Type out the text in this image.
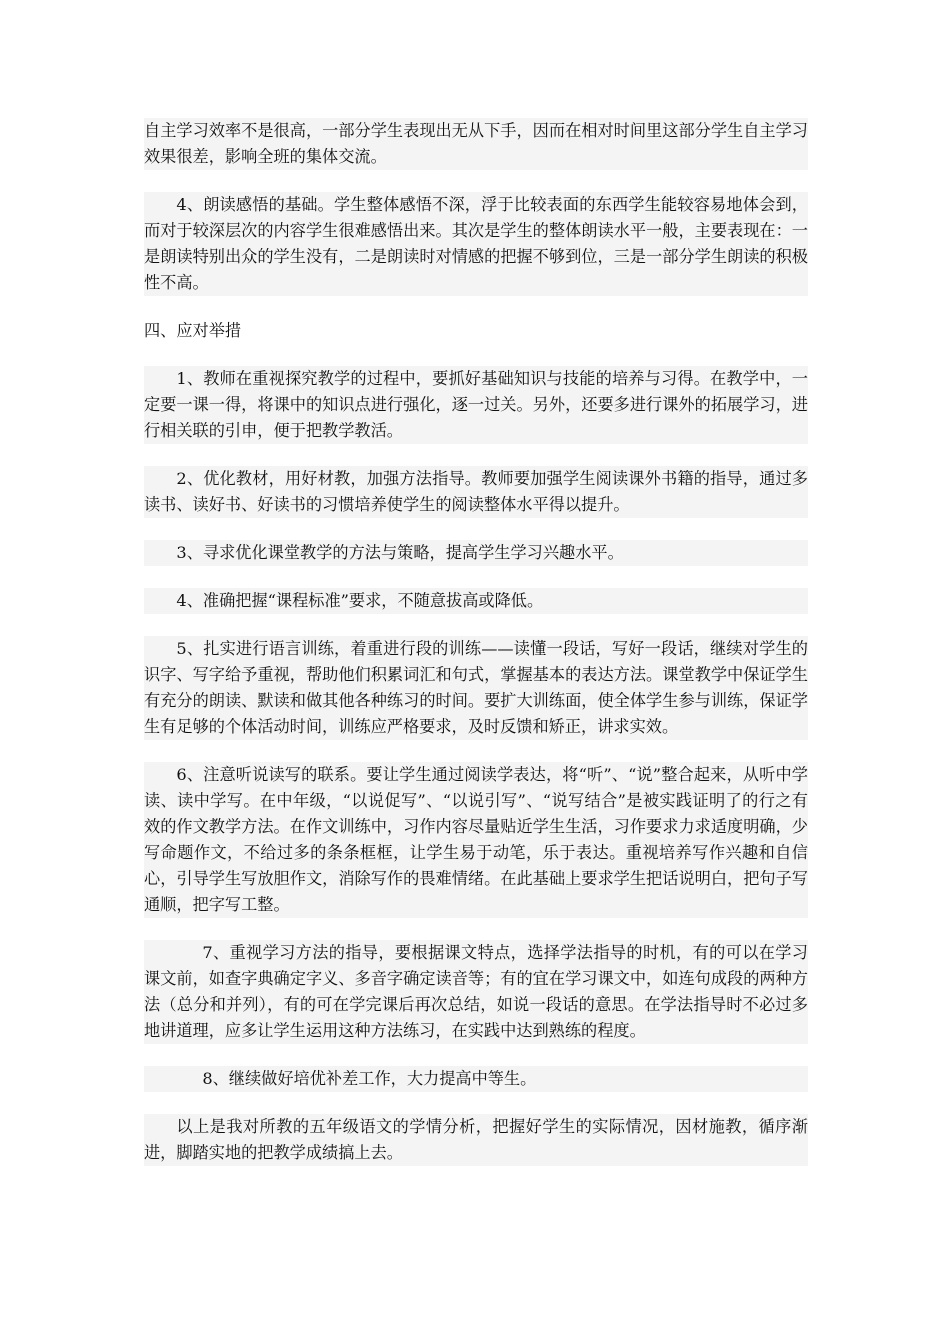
自主学习效率不是很高，一部分学生表现出无从下手，因而在相对时间里这部分学生自主学习效果很差，影响全班的集体交流。

4、朗读感悟的基础。学生整体感悟不深，浮于比较表面的东西学生能较容易地体会到，而对于较深层次的内容学生很难感悟出来。其次是学生的整体朗读水平一般，主要表现在：一是朗读特别出众的学生没有，二是朗读时对情感的把握不够到位，三是一部分学生朗读的积极性不高。

四、应对举措

1、教师在重视探究教学的过程中，要抓好基础知识与技能的培养与习得。在教学中，一定要一课一得，将课中的知识点进行强化，逐一过关。另外，还要多进行课外的拓展学习，进行相关联的引申，便于把教学教活。

2、优化教材，用好材教，加强方法指导。教师要加强学生阅读课外书籍的指导，通过多读书、读好书、好读书的习惯培养使学生的阅读整体水平得以提升。

3、寻求优化课堂教学的方法与策略，提高学生学习兴趣水平。

4、准确把握“课程标准”要求，不随意拔高或降低。

5、扎实进行语言训练，着重进行段的训练——读懂一段话，写好一段话，继续对学生的识字、写字给予重视，帮助他们积累词汇和句式，掌握基本的表达方法。课堂教学中保证学生有充分的朗读、默读和做其他各种练习的时间。要扩大训练面，使全体学生参与训练，保证学生有足够的个体活动时间，训练应严格要求，及时反馈和矫正，讲求实效。

6、注意听说读写的联系。要让学生通过阅读学表达，将“听”、“说”整合起来，从听中学读、读中学写。在中年级，“以说促写”、“以说引写”、“说写结合”是被实践证明了的行之有效的作文教学方法。在作文训练中，习作内容尽量贴近学生生活，习作要求力求适度明确，少写命题作文，不给过多的条条框框，让学生易于动笔，乐于表达。重视培养写作兴趣和自信心，引导学生写放胆作文，消除写作的畏难情绪。在此基础上要求学生把话说明白，把句子写通顺，把字写工整。

7、重视学习方法的指导，要根据课文特点，选择学法指导的时机，有的可以在学习课文前，如查字典确定字义、多音字确定读音等；有的宜在学习课文中，如连句成段的两种方法（总分和并列），有的可在学完课后再次总结，如说一段话的意思。在学法指导时不必过多地讲道理，应多让学生运用这种方法练习，在实践中达到熟练的程度。

8、继续做好培优补差工作，大力提高中等生。

以上是我对所教的五年级语文的学情分析，把握好学生的实际情况，因材施教，循序渐进，脚踏实地的把教学成绩搞上去。
